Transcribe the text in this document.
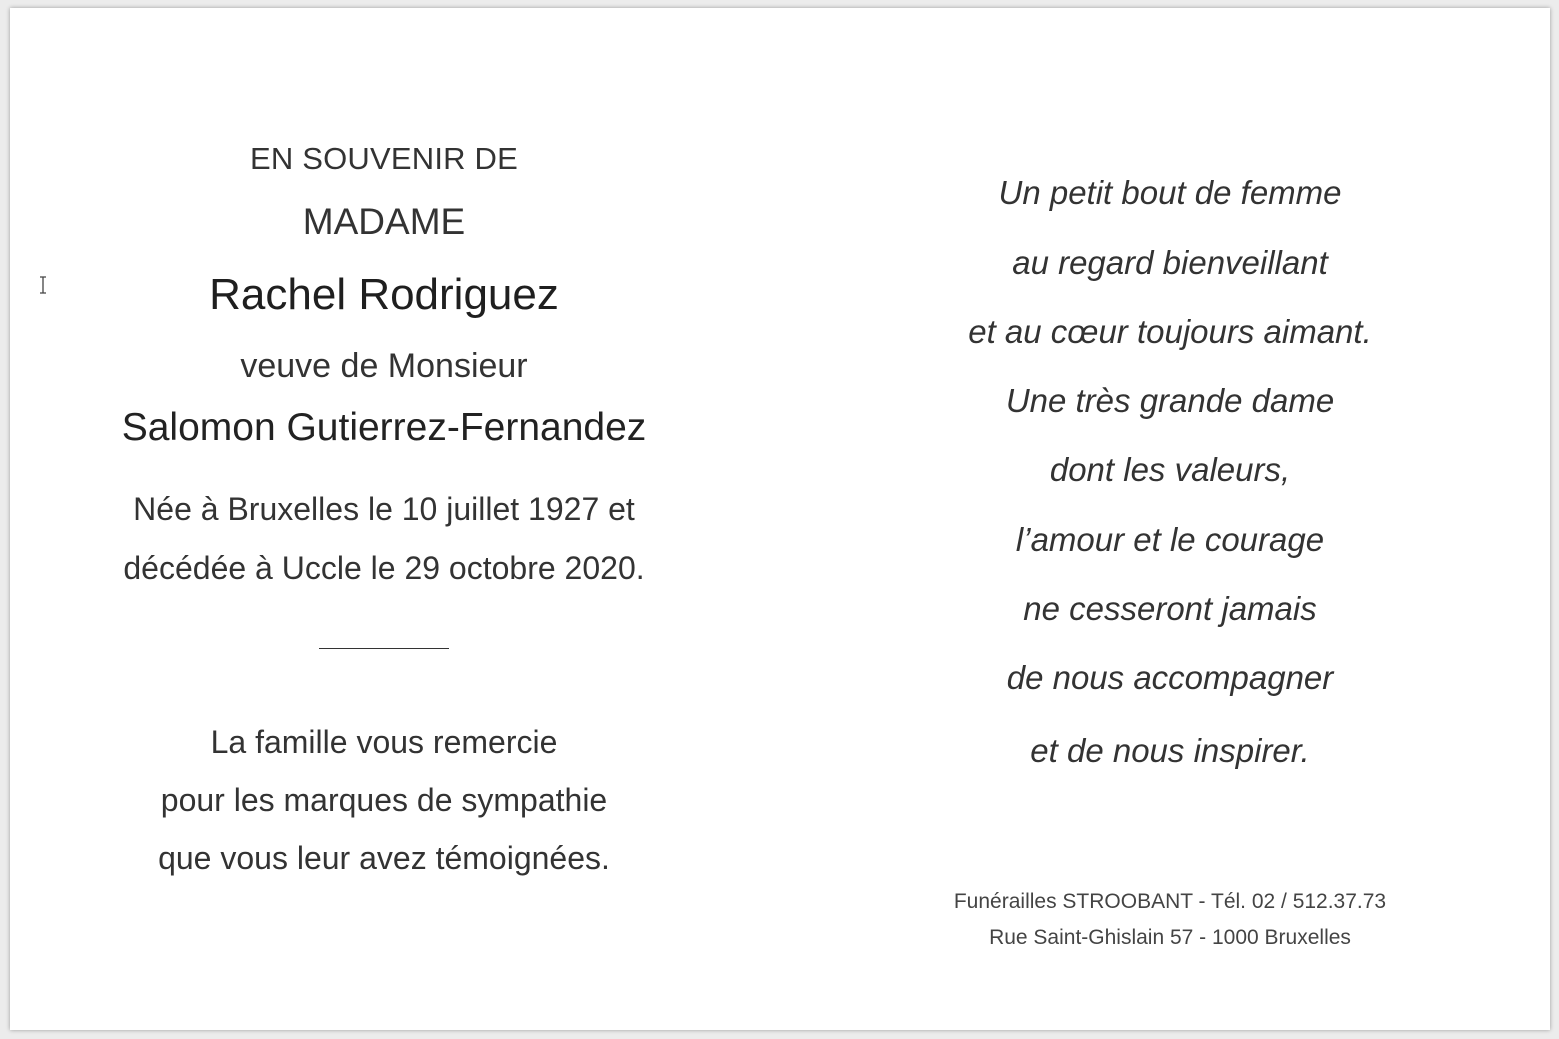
EN SOUVENIR DE
MADAME
Rachel Rodriguez
veuve de Monsieur
Salomon Gutierrez-Fernandez
Née à Bruxelles le 10 juillet 1927 et
décédée à Uccle le 29 octobre 2020.
La famille vous remercie
pour les marques de sympathie
que vous leur avez témoignées.
Un petit bout de femme
au regard bienveillant
et au cœur toujours aimant.
Une très grande dame
dont les valeurs,
l’amour et le courage
ne cesseront jamais
de nous accompagner
et de nous inspirer.
Funérailles STROOBANT - Tél. 02 / 512.37.73
Rue Saint-Ghislain 57 - 1000 Bruxelles
